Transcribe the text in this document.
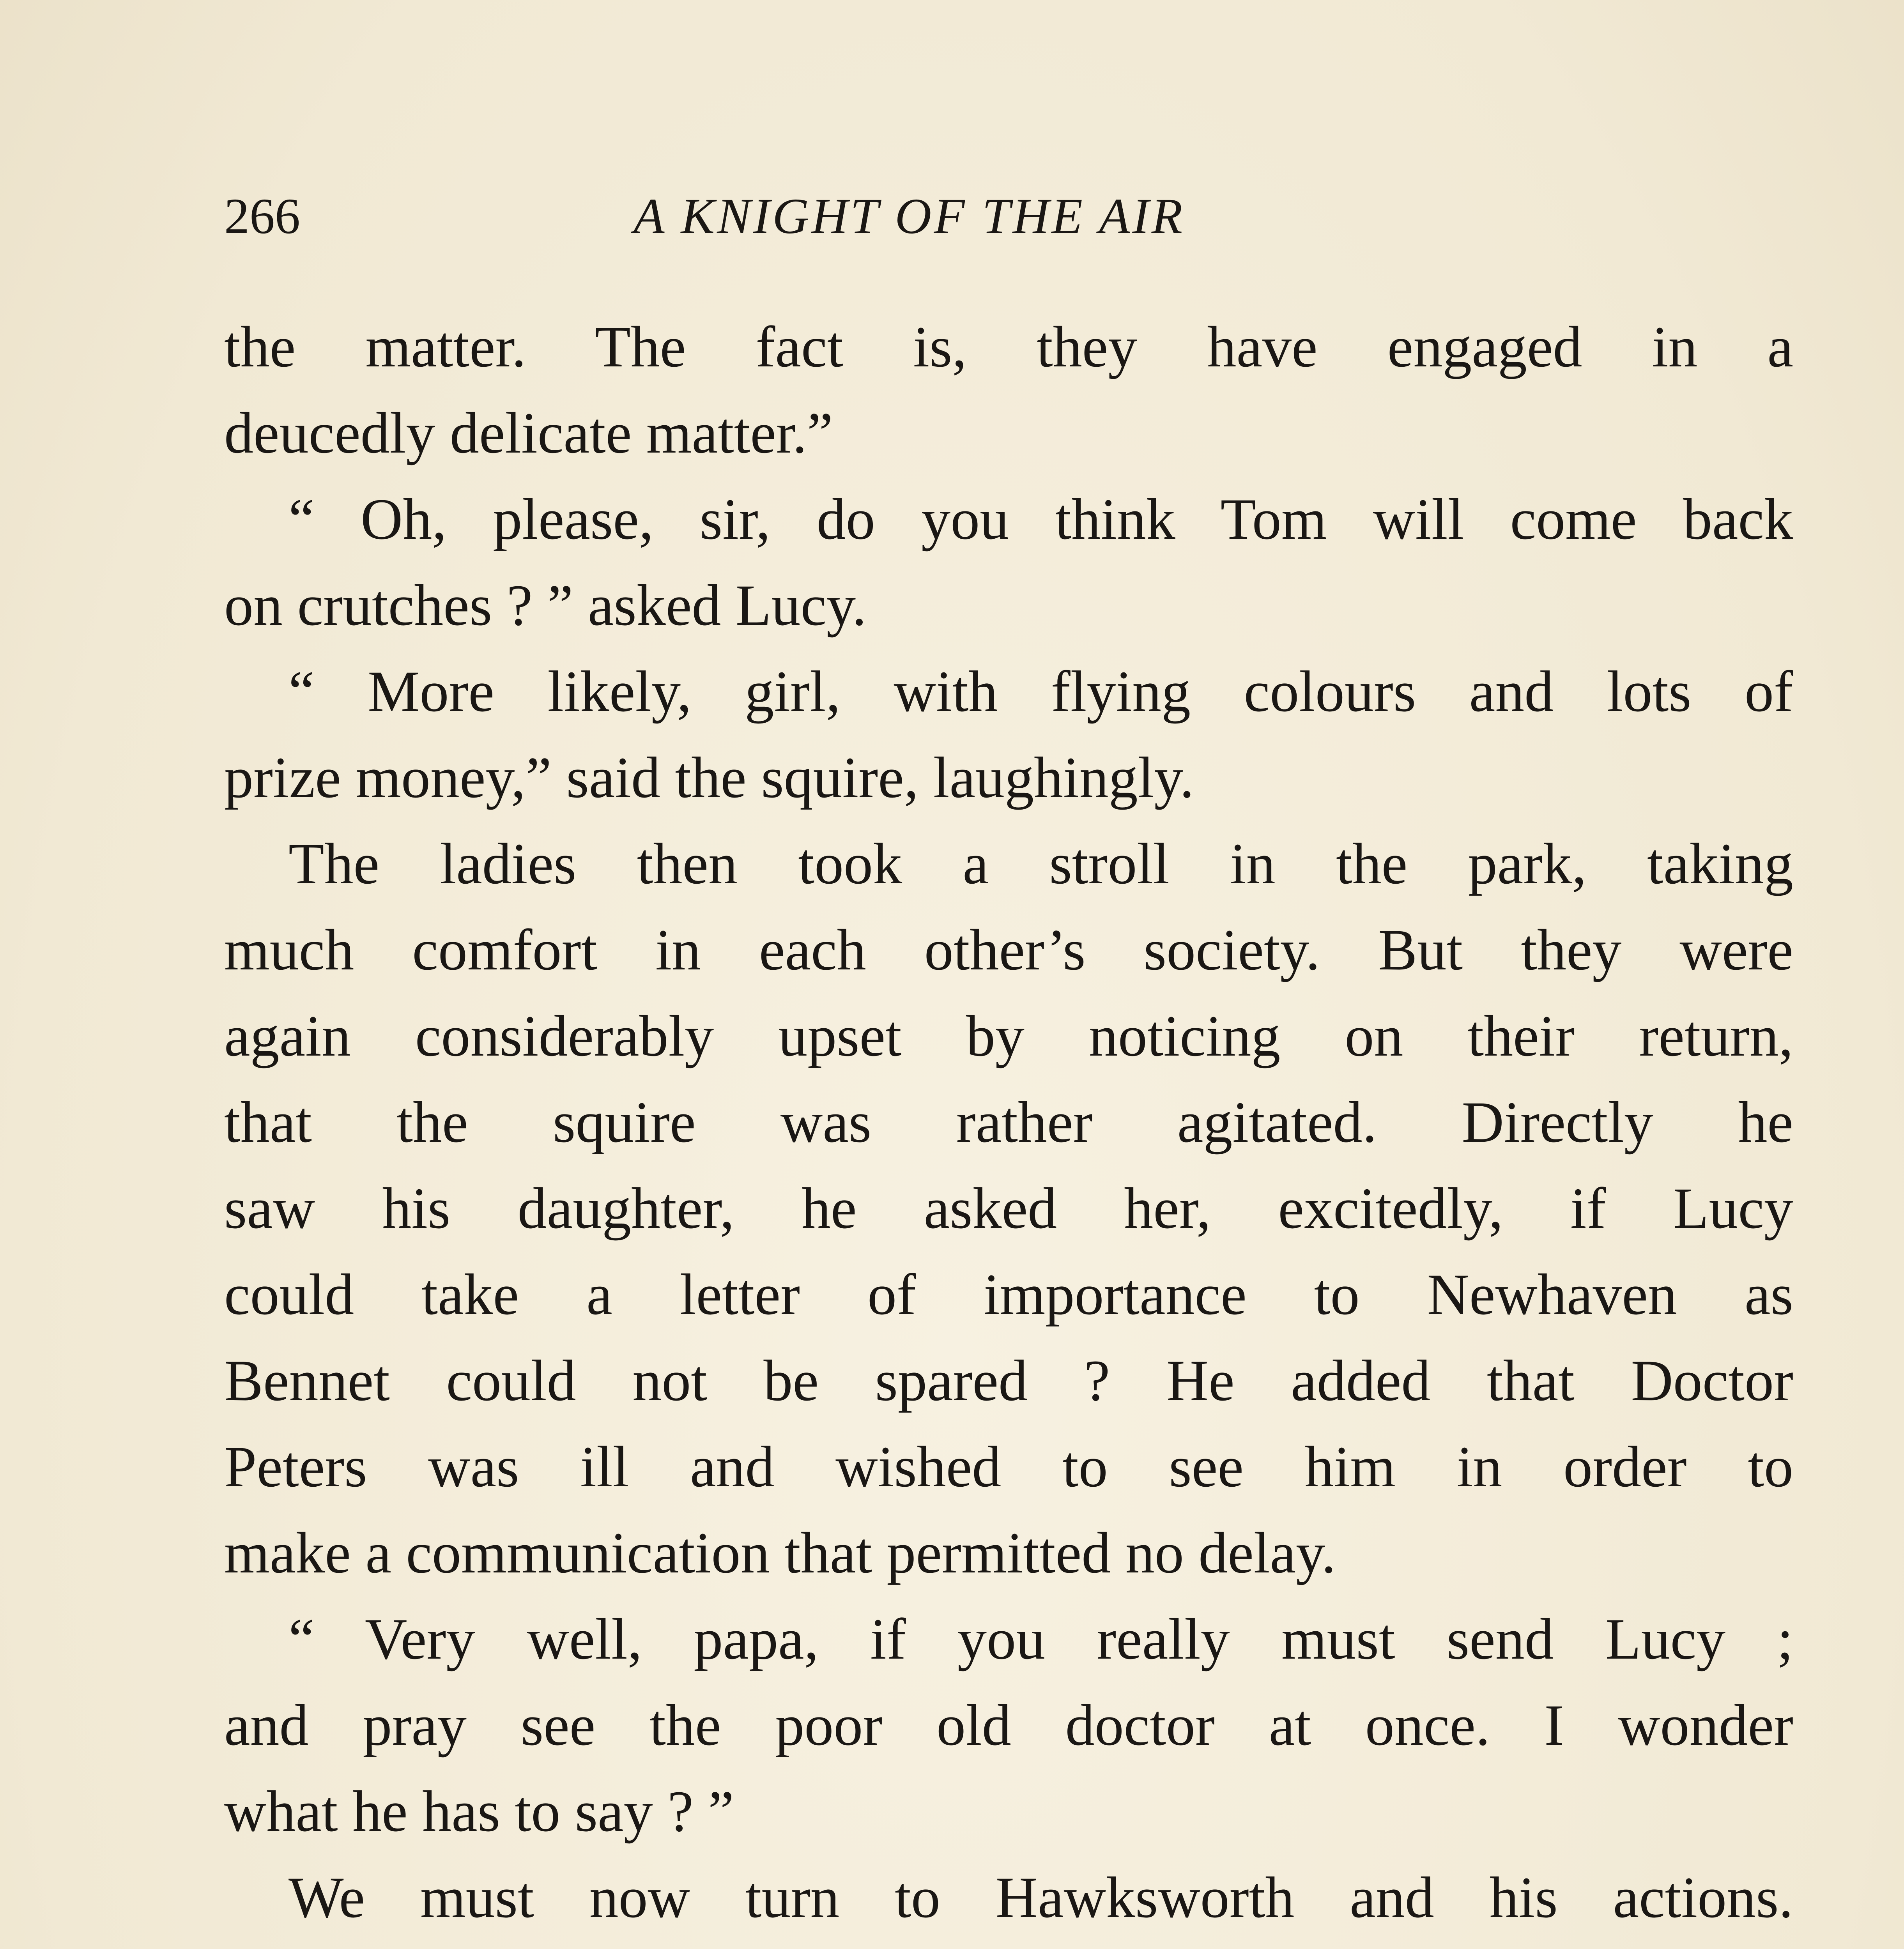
266	A KNIGHT OF THE AIR
the matter. The fact is, they have engaged in a
deucedly delicate matter.”
“ Oh, please, sir, do you think Tom will come back
on crutches ? ” asked Lucy.
“ More likely, girl, with flying colours and lots of
prize money,” said the squire, laughingly.
The ladies then took a stroll in the park, taking
much comfort in each other’s society. But they were
again considerably upset by noticing on their return,
that the squire was rather agitated. Directly he
saw his daughter, he asked her, excitedly, if Lucy
could take a letter of importance to Newhaven as
Bennet could not be spared ? He added that Doctor
Peters was ill and wished to see him in order to
make a communication that permitted no delay.
“ Very well, papa, if you really must send Lucy ;
and pray see the poor old doctor at once. I wonder
what he has to say ? ”
We must now turn to Hawksworth and his actions.
